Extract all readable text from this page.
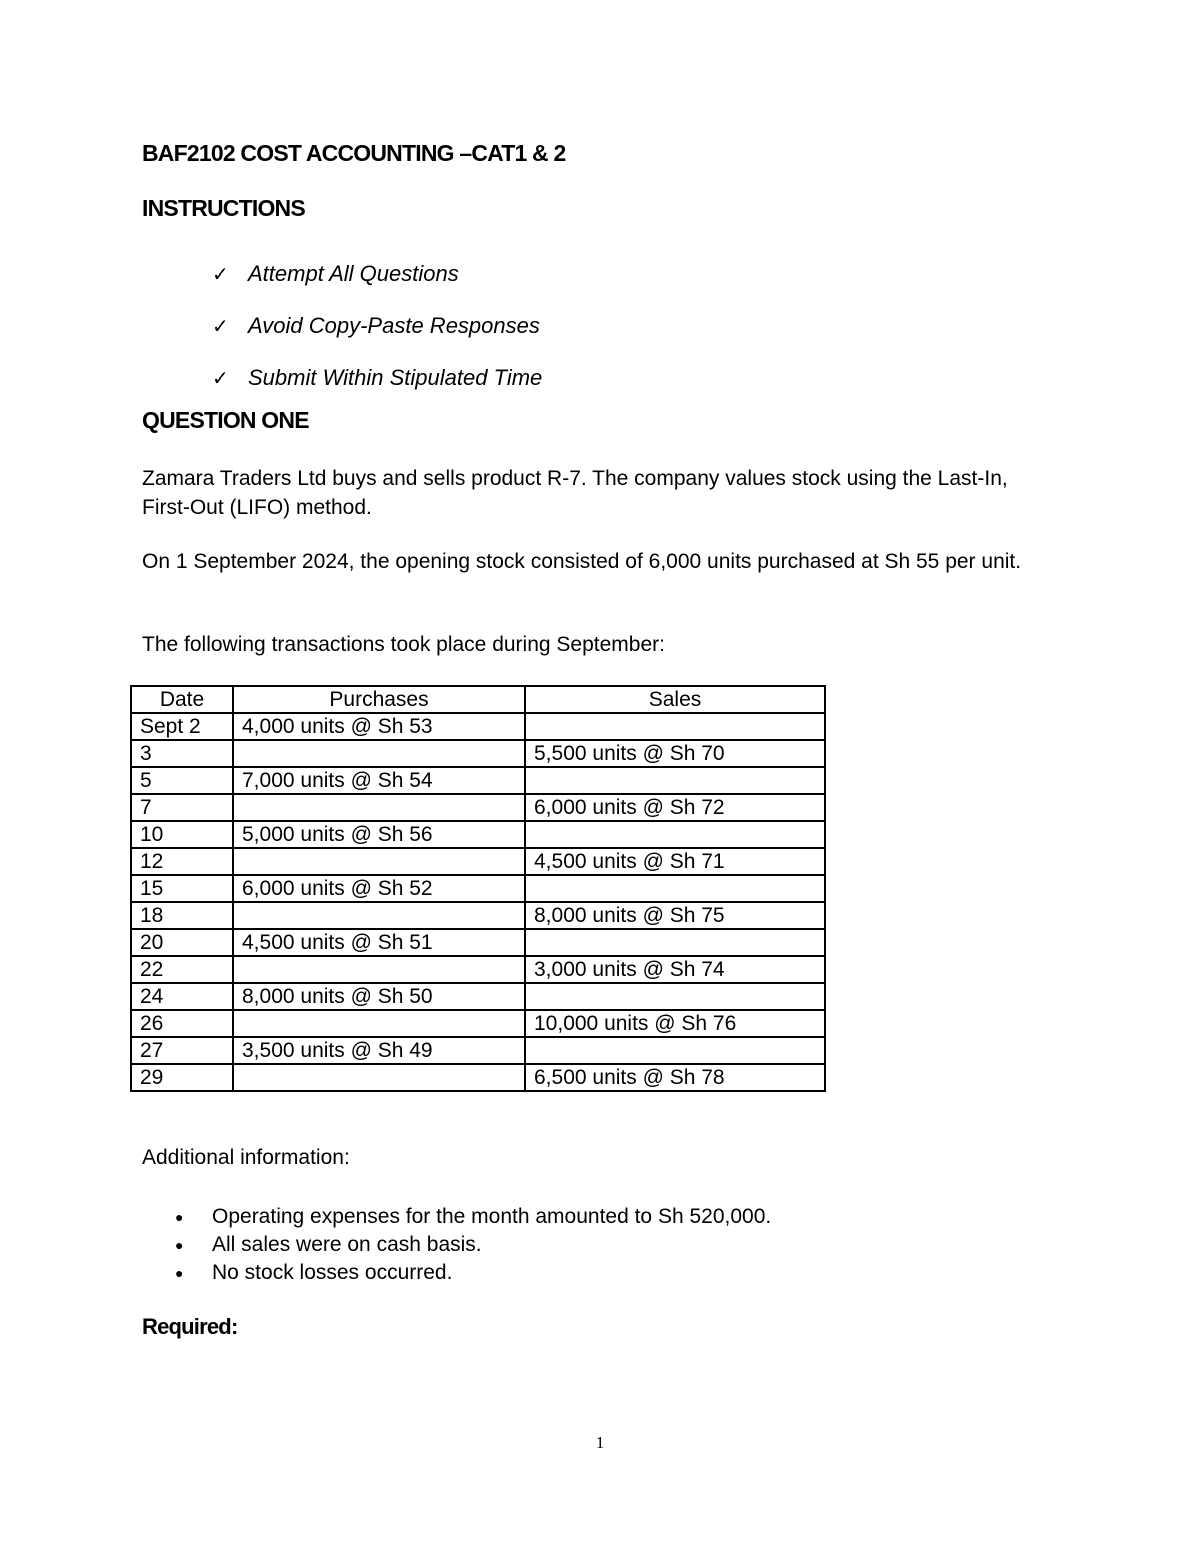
BAF2102 COST ACCOUNTING –CAT1 & 2
INSTRUCTIONS
✓ Attempt All Questions
✓ Avoid Copy-Paste Responses
✓ Submit Within Stipulated Time
QUESTION ONE

Zamara Traders Ltd buys and sells product R-7. The company values stock using the Last-In, First-Out (LIFO) method.

On 1 September 2024, the opening stock consisted of 6,000 units purchased at Sh 55 per unit.

The following transactions took place during September:

Date	Purchases	Sales
Sept 2	4,000 units @ Sh 53	
3		5,500 units @ Sh 70
5	7,000 units @ Sh 54	
7		6,000 units @ Sh 72
10	5,000 units @ Sh 56	
12		4,500 units @ Sh 71
15	6,000 units @ Sh 52	
18		8,000 units @ Sh 75
20	4,500 units @ Sh 51	
22		3,000 units @ Sh 74
24	8,000 units @ Sh 50	
26		10,000 units @ Sh 76
27	3,500 units @ Sh 49	
29		6,500 units @ Sh 78
Additional information:
●	Operating expenses for the month amounted to Sh 520,000.
●	All sales were on cash basis.
●	No stock losses occurred.
Required:
1
